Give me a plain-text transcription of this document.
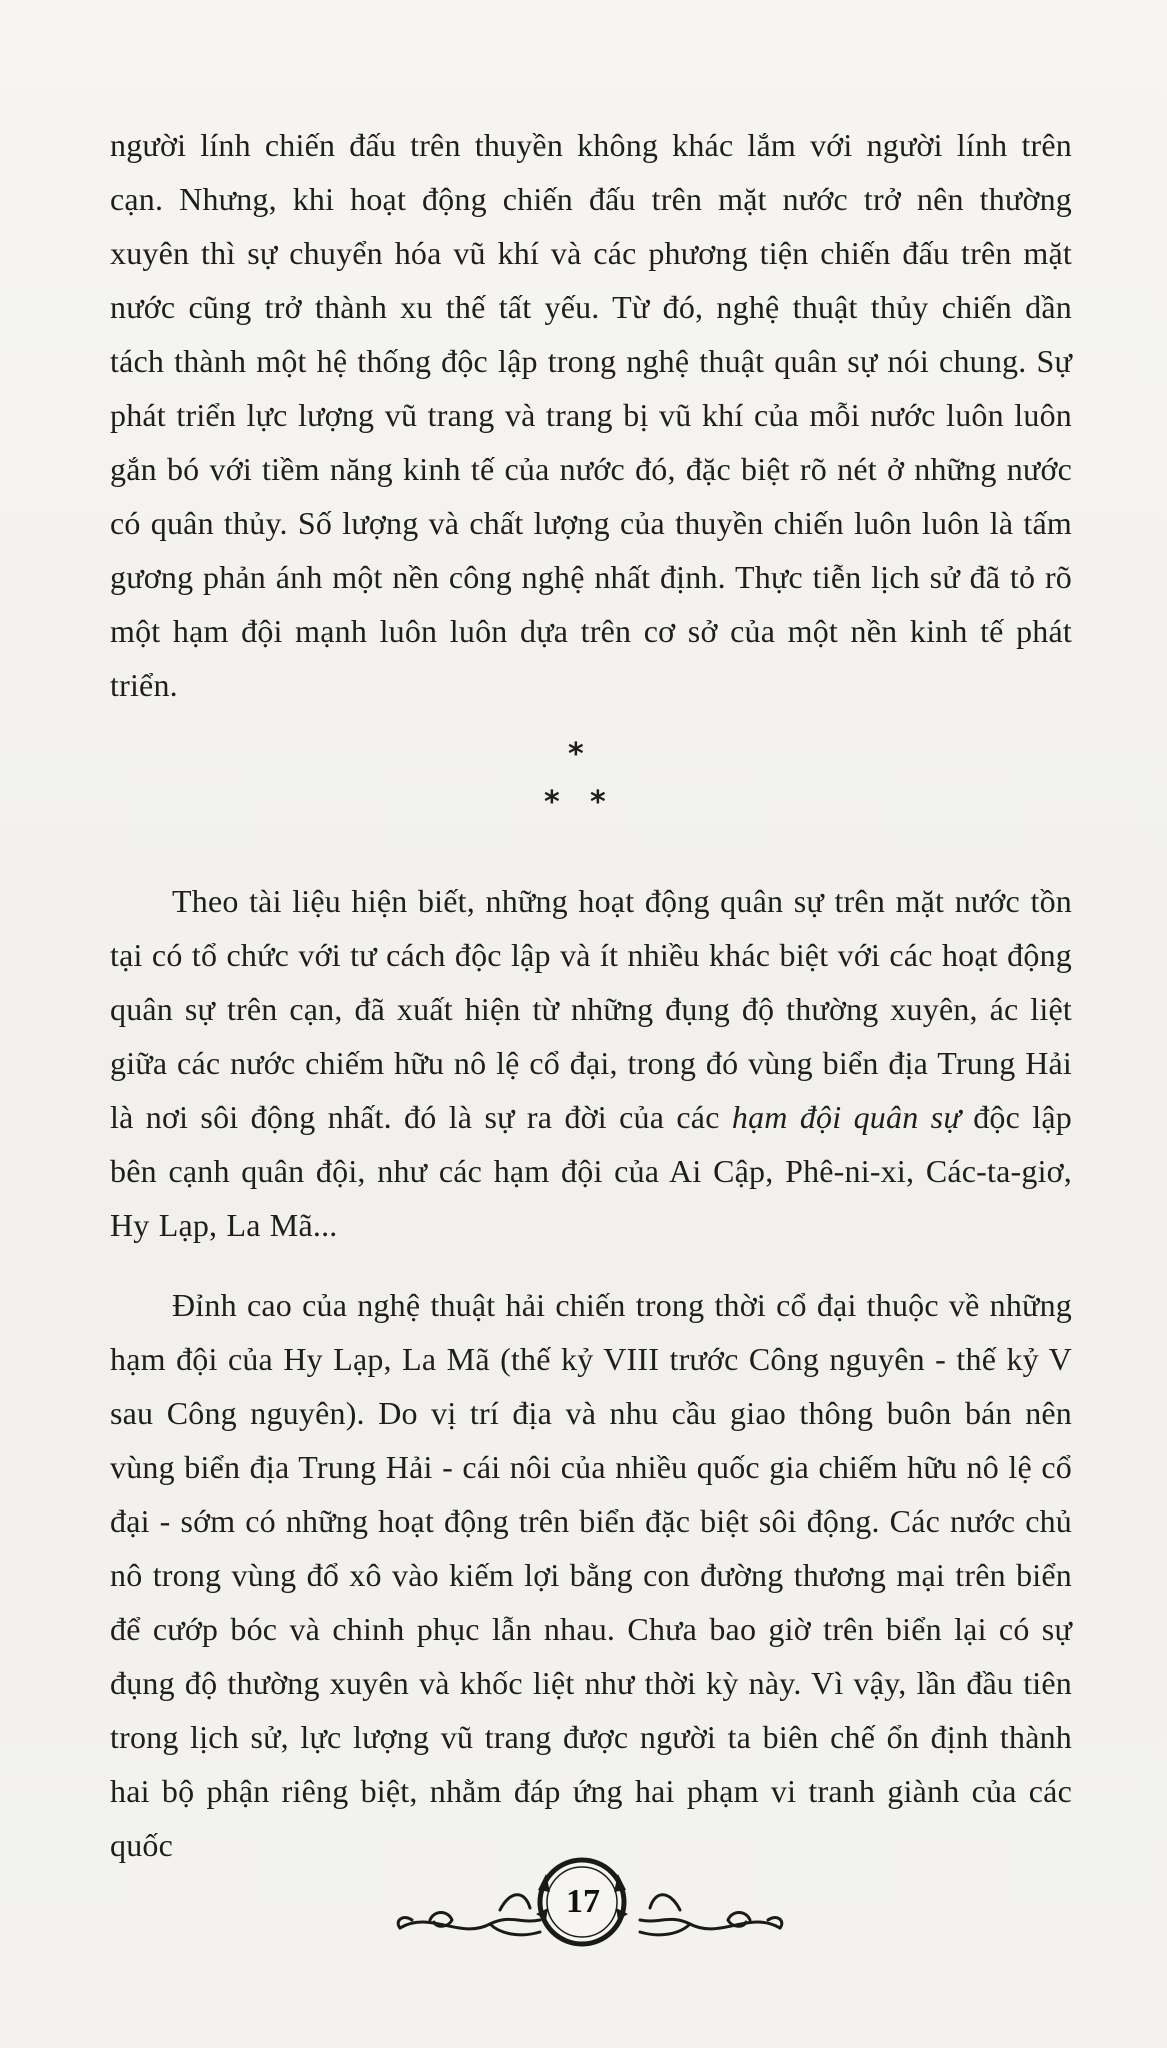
người lính chiến đấu trên thuyền không khác lắm với người lính trên cạn. Nhưng, khi hoạt động chiến đấu trên mặt nước trở nên thường xuyên thì sự chuyển hóa vũ khí và các phương tiện chiến đấu trên mặt nước cũng trở thành xu thế tất yếu. Từ đó, nghệ thuật thủy chiến dần tách thành một hệ thống độc lập trong nghệ thuật quân sự nói chung. Sự phát triển lực lượng vũ trang và trang bị vũ khí của mỗi nước luôn luôn gắn bó với tiềm năng kinh tế của nước đó, đặc biệt rõ nét ở những nước có quân thủy. Số lượng và chất lượng của thuyền chiến luôn luôn là tấm gương phản ánh một nền công nghệ nhất định. Thực tiễn lịch sử đã tỏ rõ một hạm đội mạnh luôn luôn dựa trên cơ sở của một nền kinh tế phát triển.

*
* *

Theo tài liệu hiện biết, những hoạt động quân sự trên mặt nước tồn tại có tổ chức với tư cách độc lập và ít nhiều khác biệt với các hoạt động quân sự trên cạn, đã xuất hiện từ những đụng độ thường xuyên, ác liệt giữa các nước chiếm hữu nô lệ cổ đại, trong đó vùng biển địa Trung Hải là nơi sôi động nhất. đó là sự ra đời của các hạm đội quân sự độc lập bên cạnh quân đội, như các hạm đội của Ai Cập, Phê-ni-xi, Các-ta-giơ, Hy Lạp, La Mã...

Đỉnh cao của nghệ thuật hải chiến trong thời cổ đại thuộc về những hạm đội của Hy Lạp, La Mã (thế kỷ VIII trước Công nguyên - thế kỷ V sau Công nguyên). Do vị trí địa và nhu cầu giao thông buôn bán nên vùng biển địa Trung Hải - cái nôi của nhiều quốc gia chiếm hữu nô lệ cổ đại - sớm có những hoạt động trên biển đặc biệt sôi động. Các nước chủ nô trong vùng đổ xô vào kiếm lợi bằng con đường thương mại trên biển để cướp bóc và chinh phục lẫn nhau. Chưa bao giờ trên biển lại có sự đụng độ thường xuyên và khốc liệt như thời kỳ này. Vì vậy, lần đầu tiên trong lịch sử, lực lượng vũ trang được người ta biên chế ổn định thành hai bộ phận riêng biệt, nhằm đáp ứng hai phạm vi tranh giành của các quốc

17
